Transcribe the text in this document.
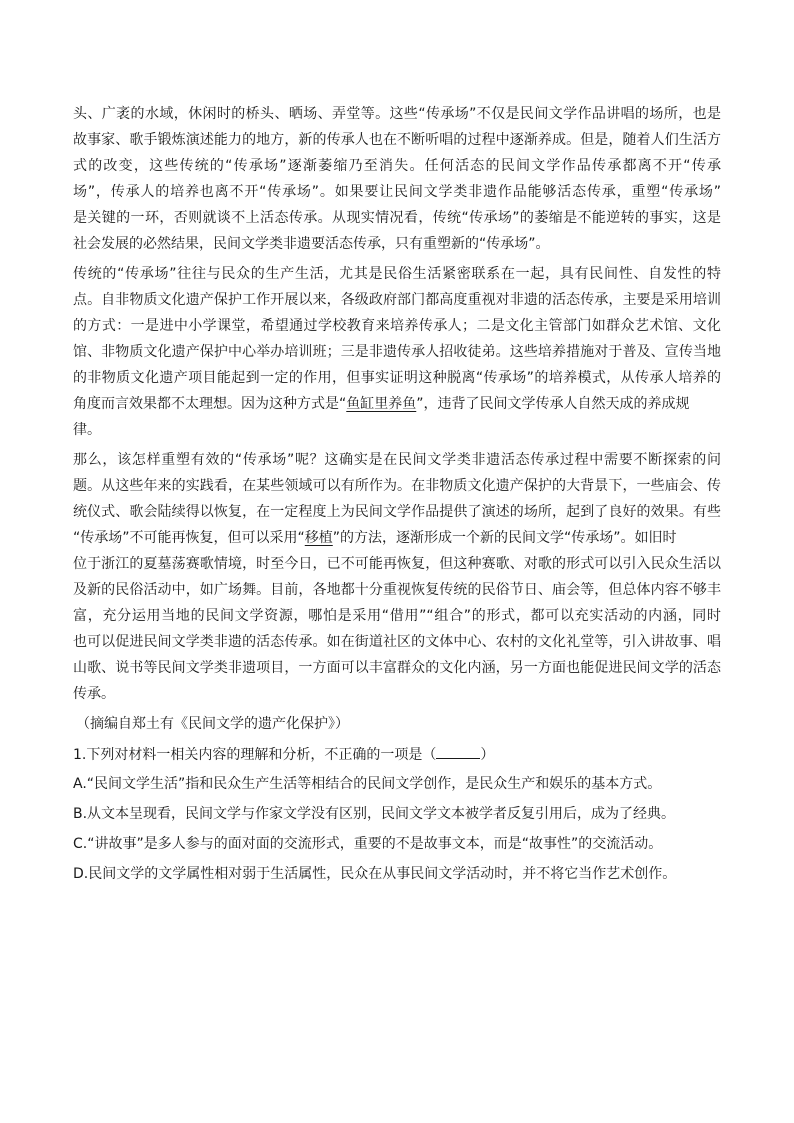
头、广袤的水域，休闲时的桥头、晒场、弄堂等。这些“传承场”不仅是民间文学作品讲唱的场所，也是
故事家、歌手锻炼演述能力的地方，新的传承人也在不断听唱的过程中逐渐养成。但是，随着人们生活方
式的改变，这些传统的“传承场”逐渐萎缩乃至消失。任何活态的民间文学作品传承都离不开“传承
场”，传承人的培养也离不开“传承场”。如果要让民间文学类非遗作品能够活态传承，重塑“传承场”
是关键的一环，否则就谈不上活态传承。从现实情况看，传统“传承场”的萎缩是不能逆转的事实，这是
社会发展的必然结果，民间文学类非遗要活态传承，只有重塑新的“传承场”。
传统的“传承场”往往与民众的生产生活，尤其是民俗生活紧密联系在一起，具有民间性、自发性的特
点。自非物质文化遗产保护工作开展以来，各级政府部门都高度重视对非遗的活态传承，主要是采用培训
的方式：一是进中小学课堂，希望通过学校教育来培养传承人；二是文化主管部门如群众艺术馆、文化
馆、非物质文化遗产保护中心举办培训班；三是非遗传承人招收徒弟。这些培养措施对于普及、宣传当地
的非物质文化遗产项目能起到一定的作用，但事实证明这种脱离“传承场”的培养模式，从传承人培养的
角度而言效果都不太理想。因为这种方式是“鱼缸里养鱼”，违背了民间文学传承人自然天成的养成规
律。
那么，该怎样重塑有效的“传承场”呢？这确实是在民间文学类非遗活态传承过程中需要不断探索的问
题。从这些年来的实践看，在某些领域可以有所作为。在非物质文化遗产保护的大背景下，一些庙会、传
统仪式、歌会陆续得以恢复，在一定程度上为民间文学作品提供了演述的场所，起到了良好的效果。有些
“传承场”不可能再恢复，但可以采用“移植”的方法，逐渐形成一个新的民间文学“传承场”。如旧时
位于浙江的夏墓荡赛歌情境，时至今日，已不可能再恢复，但这种赛歌、对歌的形式可以引入民众生活以
及新的民俗活动中，如广场舞。目前，各地都十分重视恢复传统的民俗节日、庙会等，但总体内容不够丰
富，充分运用当地的民间文学资源，哪怕是采用“借用”“组合”的形式，都可以充实活动的内涵，同时
也可以促进民间文学类非遗的活态传承。如在街道社区的文体中心、农村的文化礼堂等，引入讲故事、唱
山歌、说书等民间文学类非遗项目，一方面可以丰富群众的文化内涵，另一方面也能促进民间文学的活态
传承。
（摘编自郑土有《民间文学的遗产化保护》）
1.下列对材料一相关内容的理解和分析，不正确的一项是（	）
A.“民间文学生活”指和民众生产生活等相结合的民间文学创作，是民众生产和娱乐的基本方式。
B.从文本呈现看，民间文学与作家文学没有区别，民间文学文本被学者反复引用后，成为了经典。
C.“讲故事”是多人参与的面对面的交流形式，重要的不是故事文本，而是“故事性”的交流活动。
D.民间文学的文学属性相对弱于生活属性，民众在从事民间文学活动时，并不将它当作艺术创作。
